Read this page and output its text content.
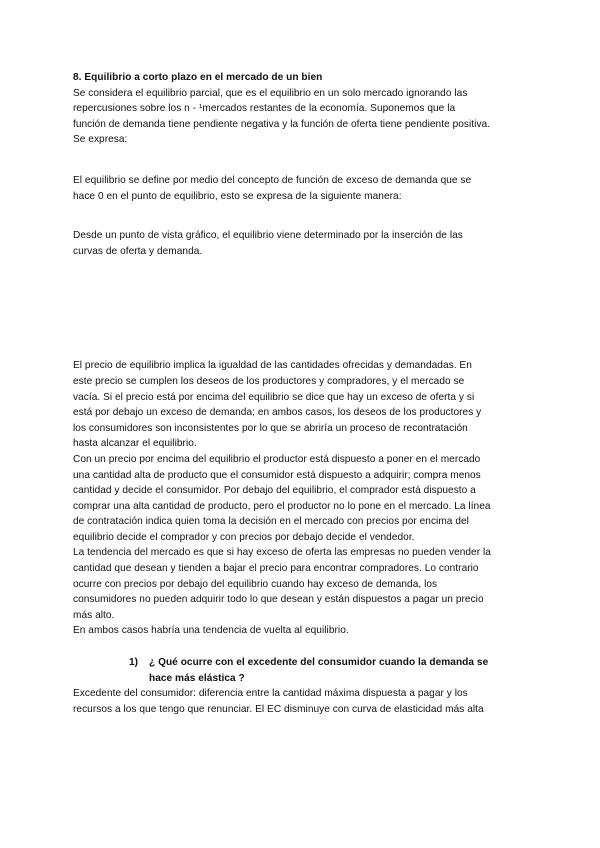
8. Equilibrio a corto plazo en el mercado de un bien

Se considera el equilibrio parcial, que es el equilibrio en un solo mercado ignorando las

repercusiones sobre los n - ¹mercados restantes de la economía. Suponemos que la

función de demanda tiene pendiente negativa y la función de oferta tiene pendiente positiva.

Se expresa:

El equilibrio se define por medio del concepto de función de exceso de demanda que se

hace 0 en el punto de equilibrio, esto se expresa de la siguiente manera:

Desde un punto de vista gráfico, el equilibrio viene determinado por la inserción de las

curvas de oferta y demanda.

El precio de equilibrio implica la igualdad de las cantidades ofrecidas y demandadas. En

este precio se cumplen los deseos de los productores y compradores, y el mercado se

vacía. Si el precio está por encima del equilibrio se dice que hay un exceso de oferta y si

está por debajo un exceso de demanda; en ambos casos, los deseos de los productores y

los consumidores son inconsistentes por lo que se abriría un proceso de recontratación

hasta alcanzar el equilibrio.

Con un precio por encima del equilibrio el productor está dispuesto a poner en el mercado

una cantidad alta de producto que el consumidor está dispuesto a adquirir; compra menos

cantidad y decide el consumidor. Por debajo del equilibrio, el comprador está dispuesto a

comprar una alta cantidad de producto, pero el productor no lo pone en el mercado. La línea

de contratación indica quien toma la decisión en el mercado con precios por encima del

equilibrio decide el comprador y con precios por debajo decide el vendedor.

La tendencia del mercado es que si hay exceso de oferta las empresas no pueden vender la

cantidad que desean y tienden a bajar el precio para encontrar compradores. Lo contrario

ocurre con precios por debajo del equilibrio cuando hay exceso de demanda, los

consumidores no pueden adquirir todo lo que desean y están dispuestos a pagar un precio

más alto.

En ambos casos habría una tendencia de vuelta al equilibrio.

1) ¿ Qué ocurre con el excedente del consumidor cuando la demanda se

hace más elástica ?

Excedente del consumidor: diferencia entre la cantidad máxima dispuesta a pagar y los

recursos a los que tengo que renunciar. El EC disminuye con curva de elasticidad más alta
